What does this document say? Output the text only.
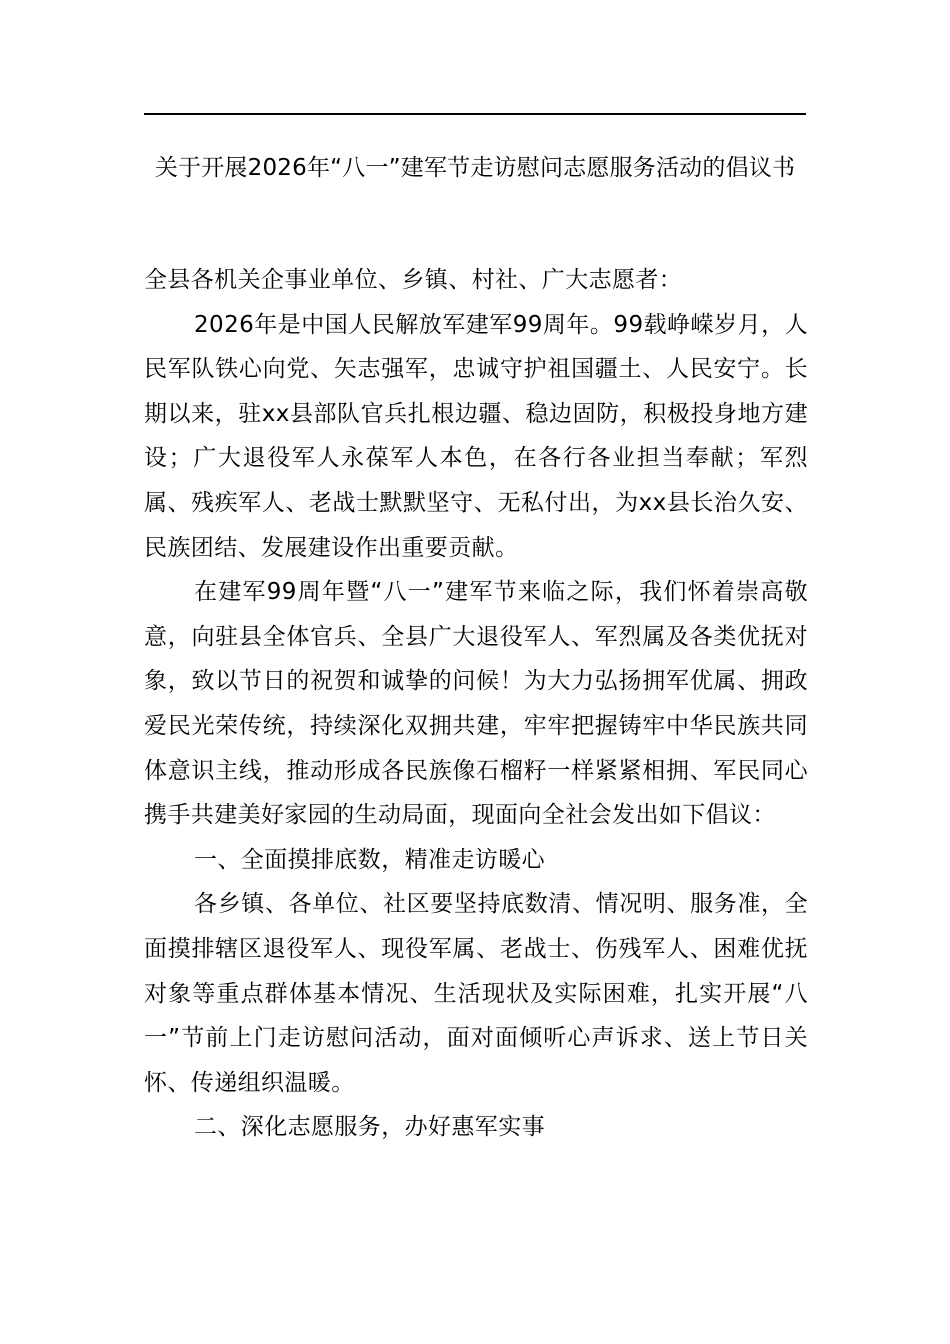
关于开展2026年“八一”建军节走访慰问志愿服务活动的倡议书

全县各机关企事业单位、乡镇、村社、广大志愿者：

2026年是中国人民解放军建军99周年。99载峥嵘岁月，人民军队铁心向党、矢志强军，忠诚守护祖国疆土、人民安宁。长期以来，驻xx县部队官兵扎根边疆、稳边固防，积极投身地方建设；广大退役军人永葆军人本色，在各行各业担当奉献；军烈属、残疾军人、老战士默默坚守、无私付出，为xx县长治久安、民族团结、发展建设作出重要贡献。

在建军99周年暨“八一”建军节来临之际，我们怀着崇高敬意，向驻县全体官兵、全县广大退役军人、军烈属及各类优抚对象，致以节日的祝贺和诚挚的问候！为大力弘扬拥军优属、拥政爱民光荣传统，持续深化双拥共建，牢牢把握铸牢中华民族共同体意识主线，推动形成各民族像石榴籽一样紧紧相拥、军民同心携手共建美好家园的生动局面，现面向全社会发出如下倡议：

一、全面摸排底数，精准走访暖心

各乡镇、各单位、社区要坚持底数清、情况明、服务准，全面摸排辖区退役军人、现役军属、老战士、伤残军人、困难优抚对象等重点群体基本情况、生活现状及实际困难，扎实开展“八一”节前上门走访慰问活动，面对面倾听心声诉求、送上节日关怀、传递组织温暖。

二、深化志愿服务，办好惠军实事
